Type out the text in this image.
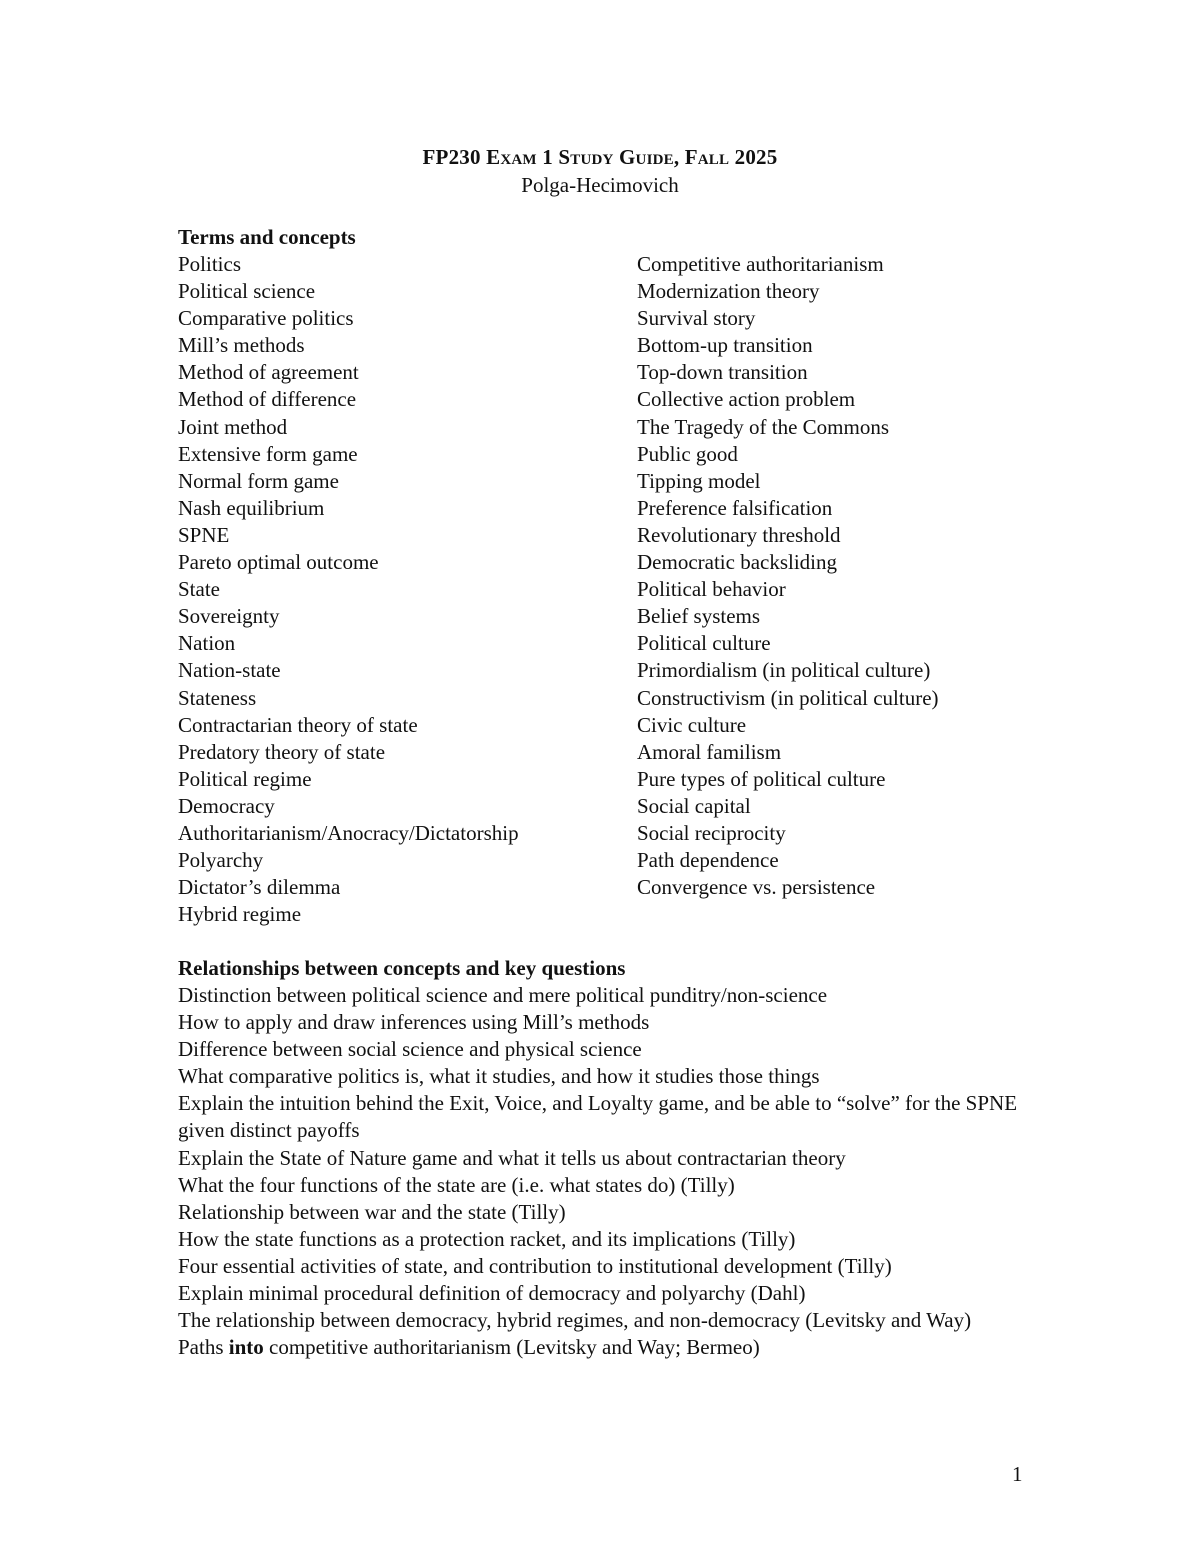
FP230 Exam 1 Study Guide, Fall 2025
Polga-Hecimovich
Terms and concepts
Politics
Political science
Comparative politics
Mill’s methods
Method of agreement
Method of difference
Joint method
Extensive form game
Normal form game
Nash equilibrium
SPNE
Pareto optimal outcome
State
Sovereignty
Nation
Nation-state
Stateness
Contractarian theory of state
Predatory theory of state
Political regime
Democracy
Authoritarianism/Anocracy/Dictatorship
Polyarchy
Dictator’s dilemma
Hybrid regime
Competitive authoritarianism
Modernization theory
Survival story
Bottom-up transition
Top-down transition
Collective action problem
The Tragedy of the Commons
Public good
Tipping model
Preference falsification
Revolutionary threshold
Democratic backsliding
Political behavior
Belief systems
Political culture
Primordialism (in political culture)
Constructivism (in political culture)
Civic culture
Amoral familism
Pure types of political culture
Social capital
Social reciprocity
Path dependence
Convergence vs. persistence
Relationships between concepts and key questions
Distinction between political science and mere political punditry/non-science
How to apply and draw inferences using Mill’s methods
Difference between social science and physical science
What comparative politics is, what it studies, and how it studies those things
Explain the intuition behind the Exit, Voice, and Loyalty game, and be able to “solve” for the SPNE given distinct payoffs
Explain the State of Nature game and what it tells us about contractarian theory
What the four functions of the state are (i.e. what states do) (Tilly)
Relationship between war and the state (Tilly)
How the state functions as a protection racket, and its implications (Tilly)
Four essential activities of state, and contribution to institutional development (Tilly)
Explain minimal procedural definition of democracy and polyarchy (Dahl)
The relationship between democracy, hybrid regimes, and non-democracy (Levitsky and Way)
Paths into competitive authoritarianism (Levitsky and Way; Bermeo)
1
